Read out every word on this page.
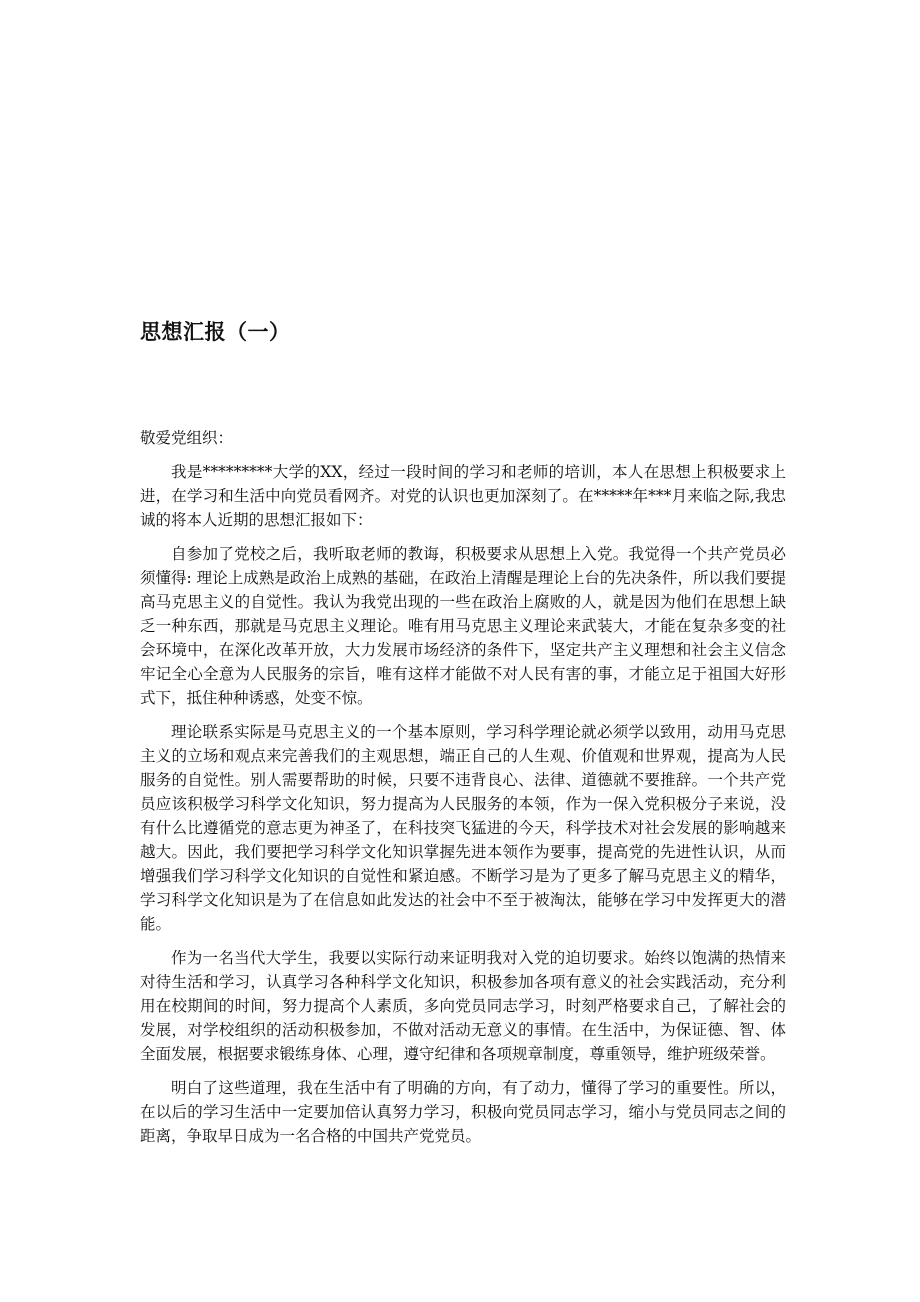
思想汇报（一）

敬爱党组织：

我是*********大学的XX，经过一段时间的学习和老师的培训，本人在思想上积极要求上进，在学习和生活中向党员看网齐。对党的认识也更加深刻了。在*****年***月来临之际,我忠诚的将本人近期的思想汇报如下：

自参加了党校之后，我听取老师的教诲，积极要求从思想上入党。我觉得一个共产党员必须懂得: 理论上成熟是政治上成熟的基础，在政治上清醒是理论上台的先决条件，所以我们要提高马克思主义的自觉性。我认为我党出现的一些在政治上腐败的人，就是因为他们在思想上缺乏一种东西，那就是马克思主义理论。唯有用马克思主义理论来武装大，才能在复杂多变的社会环境中，在深化改革开放，大力发展市场经济的条件下，坚定共产主义理想和社会主义信念牢记全心全意为人民服务的宗旨，唯有这样才能做不对人民有害的事，才能立足于祖国大好形式下，抵住种种诱惑，处变不惊。

理论联系实际是马克思主义的一个基本原则，学习科学理论就必须学以致用，动用马克思主义的立场和观点来完善我们的主观思想，端正自己的人生观、价值观和世界观，提高为人民服务的自觉性。别人需要帮助的时候，只要不违背良心、法律、道德就不要推辞。一个共产党员应该积极学习科学文化知识，努力提高为人民服务的本领，作为一保入党积极分子来说，没有什么比遵循党的意志更为神圣了，在科技突飞猛进的今天，科学技术对社会发展的影响越来越大。因此，我们要把学习科学文化知识掌握先进本领作为要事，提高党的先进性认识，从而增强我们学习科学文化知识的自觉性和紧迫感。不断学习是为了更多了解马克思主义的精华，学习科学文化知识是为了在信息如此发达的社会中不至于被淘汰，能够在学习中发挥更大的潜能。

作为一名当代大学生，我要以实际行动来证明我对入党的迫切要求。始终以饱满的热情来对待生活和学习，认真学习各种科学文化知识，积极参加各项有意义的社会实践活动，充分利用在校期间的时间，努力提高个人素质，多向党员同志学习，时刻严格要求自己，了解社会的发展，对学校组织的活动积极参加，不做对活动无意义的事情。在生活中，为保证德、智、体全面发展，根据要求锻练身体、心理，遵守纪律和各项规章制度，尊重领导，维护班级荣誉。

明白了这些道理，我在生活中有了明确的方向，有了动力，懂得了学习的重要性。所以，在以后的学习生活中一定要加倍认真努力学习，积极向党员同志学习，缩小与党员同志之间的距离，争取早日成为一名合格的中国共产党党员。
